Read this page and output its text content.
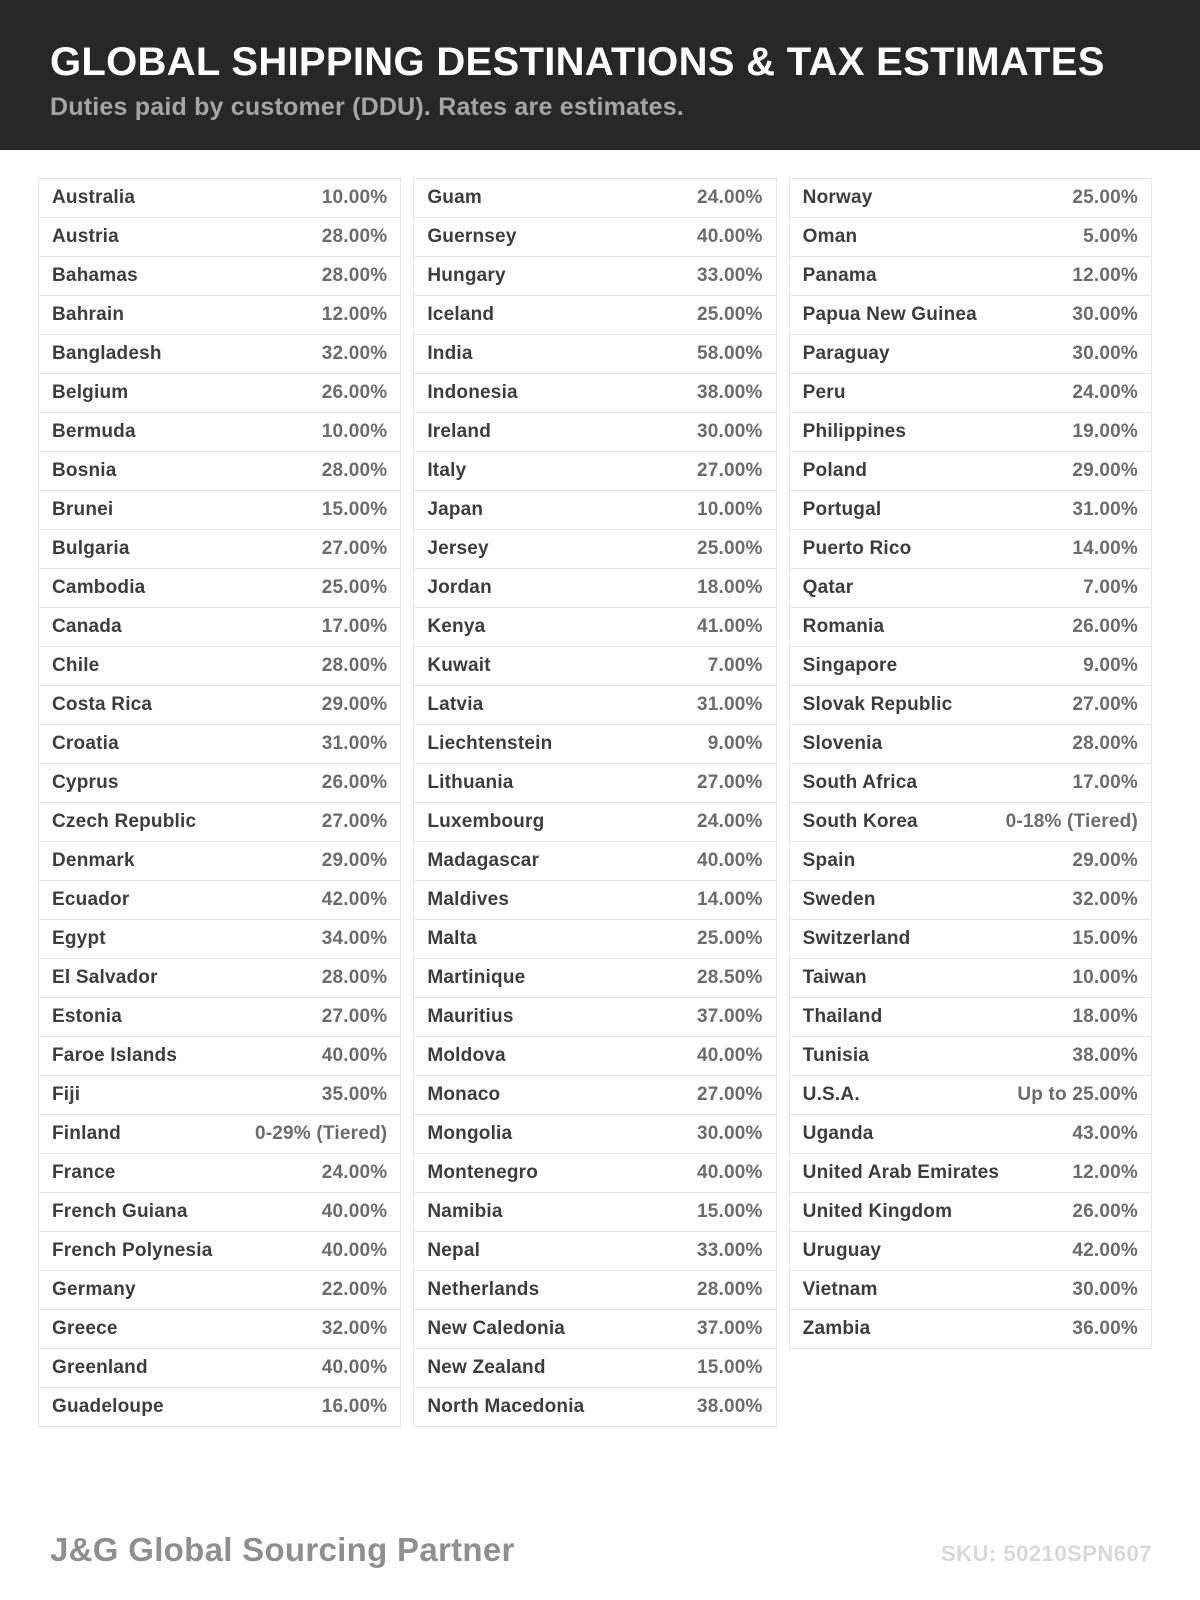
GLOBAL SHIPPING DESTINATIONS & TAX ESTIMATES
Duties paid by customer (DDU). Rates are estimates.
Australia	10.00%
Austria	28.00%
Bahamas	28.00%
Bahrain	12.00%
Bangladesh	32.00%
Belgium	26.00%
Bermuda	10.00%
Bosnia	28.00%
Brunei	15.00%
Bulgaria	27.00%
Cambodia	25.00%
Canada	17.00%
Chile	28.00%
Costa Rica	29.00%
Croatia	31.00%
Cyprus	26.00%
Czech Republic	27.00%
Denmark	29.00%
Ecuador	42.00%
Egypt	34.00%
El Salvador	28.00%
Estonia	27.00%
Faroe Islands	40.00%
Fiji	35.00%
Finland	0-29% (Tiered)
France	24.00%
French Guiana	40.00%
French Polynesia	40.00%
Germany	22.00%
Greece	32.00%
Greenland	40.00%
Guadeloupe	16.00%
Guam	24.00%
Guernsey	40.00%
Hungary	33.00%
Iceland	25.00%
India	58.00%
Indonesia	38.00%
Ireland	30.00%
Italy	27.00%
Japan	10.00%
Jersey	25.00%
Jordan	18.00%
Kenya	41.00%
Kuwait	7.00%
Latvia	31.00%
Liechtenstein	9.00%
Lithuania	27.00%
Luxembourg	24.00%
Madagascar	40.00%
Maldives	14.00%
Malta	25.00%
Martinique	28.50%
Mauritius	37.00%
Moldova	40.00%
Monaco	27.00%
Mongolia	30.00%
Montenegro	40.00%
Namibia	15.00%
Nepal	33.00%
Netherlands	28.00%
New Caledonia	37.00%
New Zealand	15.00%
North Macedonia	38.00%
Norway	25.00%
Oman	5.00%
Panama	12.00%
Papua New Guinea	30.00%
Paraguay	30.00%
Peru	24.00%
Philippines	19.00%
Poland	29.00%
Portugal	31.00%
Puerto Rico	14.00%
Qatar	7.00%
Romania	26.00%
Singapore	9.00%
Slovak Republic	27.00%
Slovenia	28.00%
South Africa	17.00%
South Korea	0-18% (Tiered)
Spain	29.00%
Sweden	32.00%
Switzerland	15.00%
Taiwan	10.00%
Thailand	18.00%
Tunisia	38.00%
U.S.A.	Up to 25.00%
Uganda	43.00%
United Arab Emirates	12.00%
United Kingdom	26.00%
Uruguay	42.00%
Vietnam	30.00%
Zambia	36.00%
J&G Global Sourcing Partner	SKU: 50210SPN607
